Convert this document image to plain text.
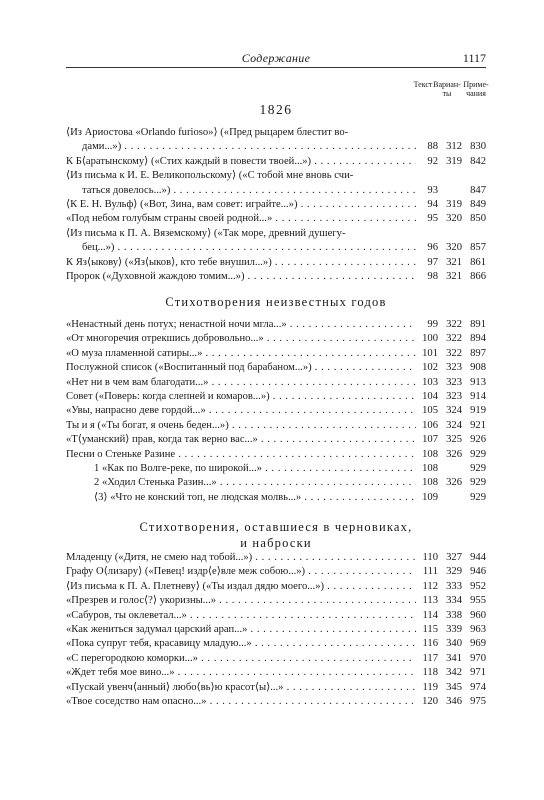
Содержание	1117
Текст Вариан-
ты
Приме-
чания
1826
⟨Из Ариостова «Orlando furioso»⟩ («Пред рыцарем блестит во-
дами...») . . .	88 312 830
К Б⟨аратынскому⟩ («Стих каждый в повести твоей...») . . .	92 319 842
⟨Из письма к И. Е. Великопольскому⟩ («С тобой мне вновь счи-
таться довелось...») . . .	93	847
⟨К Е. Н. Вульф⟩ («Вот, Зина, вам совет: играйте...») . . .	94 319 849
«Под небом голубым страны своей родной...» . . .	95 320 850
⟨Из письма к П. А. Вяземскому⟩ («Так море, древний душегу-
бец...») . . .	96 320 857
К Яз⟨ыкову⟩ («Яз⟨ыков⟩, кто тебе внушил...») . . .	97 321 861
Пророк («Духовной жаждою томим...») . . .	98 321 866
Стихотворения неизвестных годов
«Ненастный день потух; ненастной ночи мгла...» . . .	99 322 891
«От многоречия отрекшись добровольно...» . . .	100 322 894
«О муза пламенной сатиры...» . . .	101 322 897
Послужной список («Воспитанный под барабаном...») . . .	102 323 908
«Нет ни в чем вам благодати...» . . .	103 323 913
Совет («Поверь: когда слепней и комаров...») . . .	104 323 914
«Увы, напрасно деве гордой...» . . .	105 324 919
Ты и я («Ты богат, я очень беден...») . . .	106 324 921
«Т⟨уманский⟩ прав, когда так верно вас...» . . .	107 325 926
Песни о Стеньке Разине . . .	108 326 929
1 «Как по Волге-реке, по широкой...» . . .	108	929
2 «Ходил Стенька Разин...» . . .	108 326 929
⟨3⟩ «Что не конский топ, не людская молвь...» . . .	109	929
Стихотворения, оставшиеся в черновиках,
и наброски
Младенцу («Дитя, не смею над тобой...») . . .	110 327 944
Графу О⟨лизару⟩ («Певец! издр⟨е⟩вле меж собою...») . . .	111 329 946
⟨Из письма к П. А. Плетневу⟩ («Ты издал дядю моего...») . . .	112 333 952
«Презрев и голос⟨?⟩ укоризны...» . . .	113 334 955
«Сабуров, ты оклеветал...» . . .	114 338 960
«Как жениться задумал царский арап...» . . .	115 339 963
«Пока супруг тебя, красавицу младую...» . . .	116 340 969
«С перегородкою коморки...» . . .	117 341 970
«Ждет тебя мое вино...» . . .	118 342 971
«Пускай увенч⟨анный⟩ любо⟨вь⟩ю красот⟨ы⟩...» . . .	119 345 974
«Твое соседство нам опасно...» . . .	120 346 975
